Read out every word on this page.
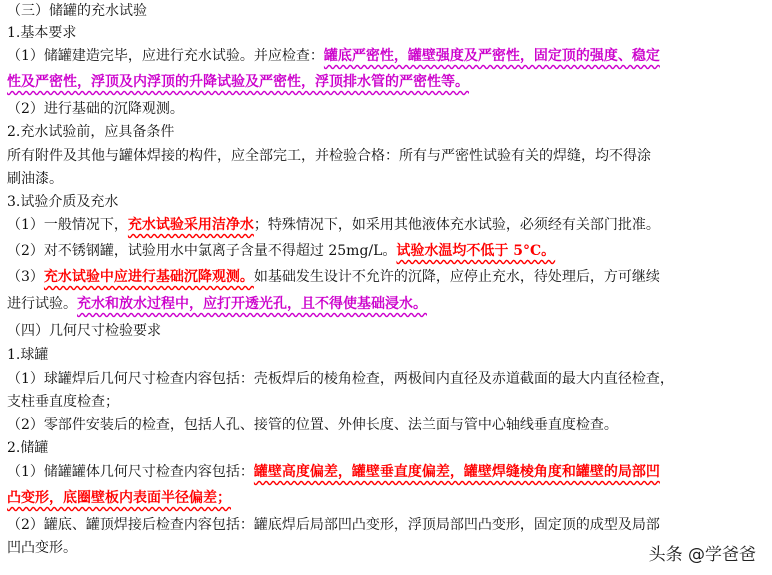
（三）储罐的充水试验
1.基本要求
（1）储罐建造完毕，应进行充水试验。并应检查：罐底严密性，罐壁强度及严密性，固定顶的强度、稳定
性及严密性，浮顶及内浮顶的升降试验及严密性，浮顶排水管的严密性等。
（2）进行基础的沉降观测。
2.充水试验前，应具备条件
所有附件及其他与罐体焊接的构件，应全部完工，并检验合格：所有与严密性试验有关的焊缝，均不得涂
刷油漆。
3.试验介质及充水
（1）一般情况下，充水试验采用洁净水；特殊情况下，如采用其他液体充水试验，必须经有关部门批准。
（2）对不锈钢罐，试验用水中氯离子含量不得超过 25mg/L。试验水温均不低于 5°C。
（3）充水试验中应进行基础沉降观测。如基础发生设计不允许的沉降，应停止充水，待处理后，方可继续
进行试验。充水和放水过程中，应打开透光孔，且不得使基础浸水。
（四）几何尺寸检验要求
1.球罐
（1）球罐焊后几何尺寸检查内容包括：壳板焊后的棱角检查，两极间内直径及赤道截面的最大内直径检查，
支柱垂直度检查；
（2）零部件安装后的检查，包括人孔、接管的位置、外伸长度、法兰面与管中心轴线垂直度检查。
2.储罐
（1）储罐罐体几何尺寸检查内容包括：罐壁高度偏差，罐壁垂直度偏差，罐壁焊缝棱角度和罐壁的局部凹
凸变形，底圈壁板内表面半径偏差；
（2）罐底、罐顶焊接后检查内容包括：罐底焊后局部凹凸变形，浮顶局部凹凸变形，固定顶的成型及局部
凹凸变形。	头条 @学爸爸
